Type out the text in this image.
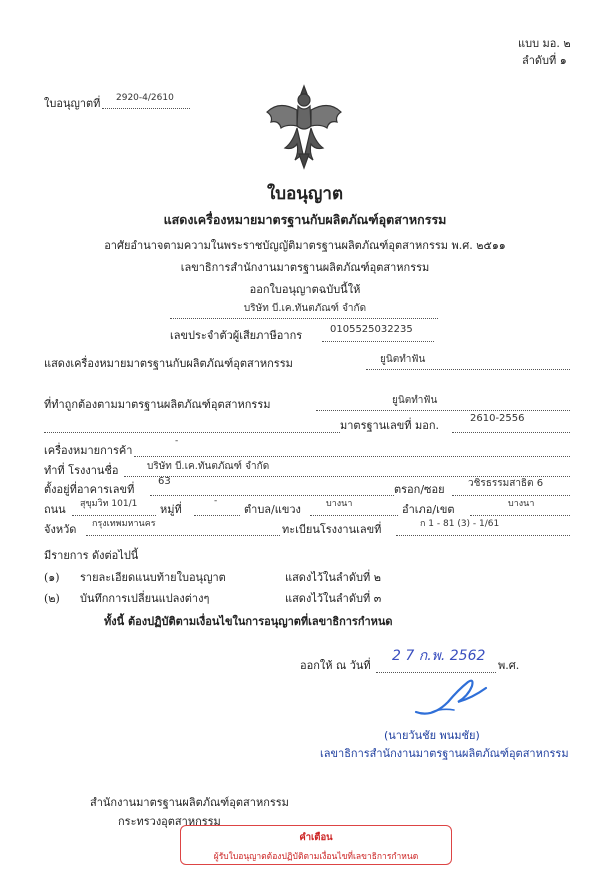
แบบ มอ. ๒
ลำดับที่ ๑
ใบอนุญาตที่ 2920-4/2610
ใบอนุญาต
แสดงเครื่องหมายมาตรฐานกับผลิตภัณฑ์อุตสาหกรรม
อาศัยอำนาจตามความในพระราชบัญญัติมาตรฐานผลิตภัณฑ์อุตสาหกรรม พ.ศ. ๒๕๑๑
เลขาธิการสำนักงานมาตรฐานผลิตภัณฑ์อุตสาหกรรม
ออกใบอนุญาตฉบับนี้ให้
บริษัท บี.เค.ทันตภัณฑ์ จำกัด
เลขประจำตัวผู้เสียภาษีอากร	0105525032235
แสดงเครื่องหมายมาตรฐานกับผลิตภัณฑ์อุตสาหกรรม	ยูนิตทำฟัน
ที่ทำถูกต้องตามมาตรฐานผลิตภัณฑ์อุตสาหกรรม	ยูนิตทำฟัน
มาตรฐานเลขที่ มอก.
2610-2556
เครื่องหมายการค้า
-
ทำที่ โรงงานชื่อ	บริษัท บี.เค.ทันตภัณฑ์ จำกัด
ตั้งอยู่ที่อาคารเลขที่
63
ตรอก/ซอย วชิรธรรมสาธิต 6
ถนน สุขุมวิท 101/1 หมู่ที่
-
ตำบล/แขวง	บางนา	อำเภอ/เขต	บางนา
จังหวัด กรุงเทพมหานคร	ทะเบียนโรงงานเลขที่	ก 1 - 81 (3) - 1/61
มีรายการ ดังต่อไปนี้
(๑) รายละเอียดแนบท้ายใบอนุญาต	แสดงไว้ในลำดับที่ ๒
(๒) บันทึกการเปลี่ยนแปลงต่างๆ	แสดงไว้ในลำดับที่ ๓
ทั้งนี้ ต้องปฏิบัติตามเงื่อนไขในการอนุญาตที่เลขาธิการกำหนด
ออกให้ ณ วันที่
2 7 ก.พ. 2562
พ.ศ.
(นายวันชัย พนมชัย)
เลขาธิการสำนักงานมาตรฐานผลิตภัณฑ์อุตสาหกรรม
สำนักงานมาตรฐานผลิตภัณฑ์อุตสาหกรรม
กระทรวงอุตสาหกรรม
คำเตือน
ผู้รับใบอนุญาตต้องปฏิบัติตามเงื่อนไขที่เลขาธิการกำหนด
